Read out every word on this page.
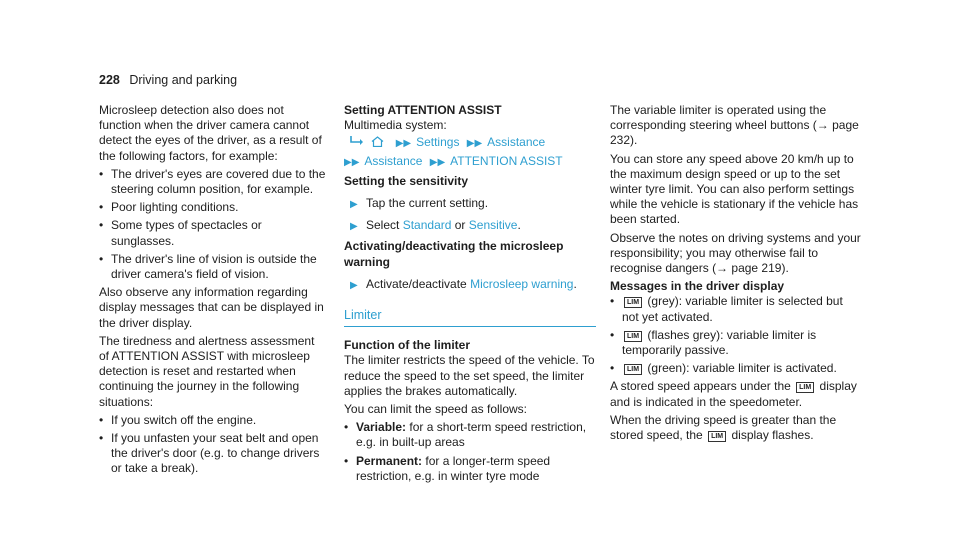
228 Driving and parking

Microsleep detection also does not function when the driver camera cannot detect the eyes of the driver, as a result of the following factors, for example:

• The driver's eyes are covered due to the steering column position, for example.
• Poor lighting conditions.
• Some types of spectacles or sunglasses.
• The driver's line of vision is outside the driver camera's field of vision.

Also observe any information regarding display messages that can be displayed in the driver display.

The tiredness and alertness assessment of ATTENTION ASSIST with microsleep detection is reset and restarted when continuing the journey in the following situations:

• If you switch off the engine.
• If you unfasten your seat belt and open the driver's door (e.g. to change drivers or take a break).
Setting ATTENTION ASSIST
Multimedia system:
▶▶ Settings ▶▶ Assistance
▶▶ Assistance ▶▶ ATTENTION ASSIST
Setting the sensitivity
▶ Tap the current setting.
▶ Select Standard or Sensitive.
Activating/deactivating the microsleep warning
▶ Activate/deactivate Microsleep warning.
Limiter
Function of the limiter

The limiter restricts the speed of the vehicle. To reduce the speed to the set speed, the limiter applies the brakes automatically.

You can limit the speed as follows:

• Variable: for a short-term speed restriction, e.g. in built-up areas
• Permanent: for a longer-term speed restriction, e.g. in winter tyre mode

The variable limiter is operated using the corresponding steering wheel buttons (→ page 232).

You can store any speed above 20 km/h up to the maximum design speed or up to the set winter tyre limit. You can also perform settings while the vehicle is stationary if the vehicle has been started.

Observe the notes on driving systems and your responsibility; you may otherwise fail to recognise dangers (→ page 219).

Messages in the driver display
• LIM (grey): variable limiter is selected but not yet activated.
• LIM (flashes grey): variable limiter is temporarily passive.
• LIM (green): variable limiter is activated.

A stored speed appears under the LIM display and is indicated in the speedometer.

When the driving speed is greater than the stored speed, the LIM display flashes.
